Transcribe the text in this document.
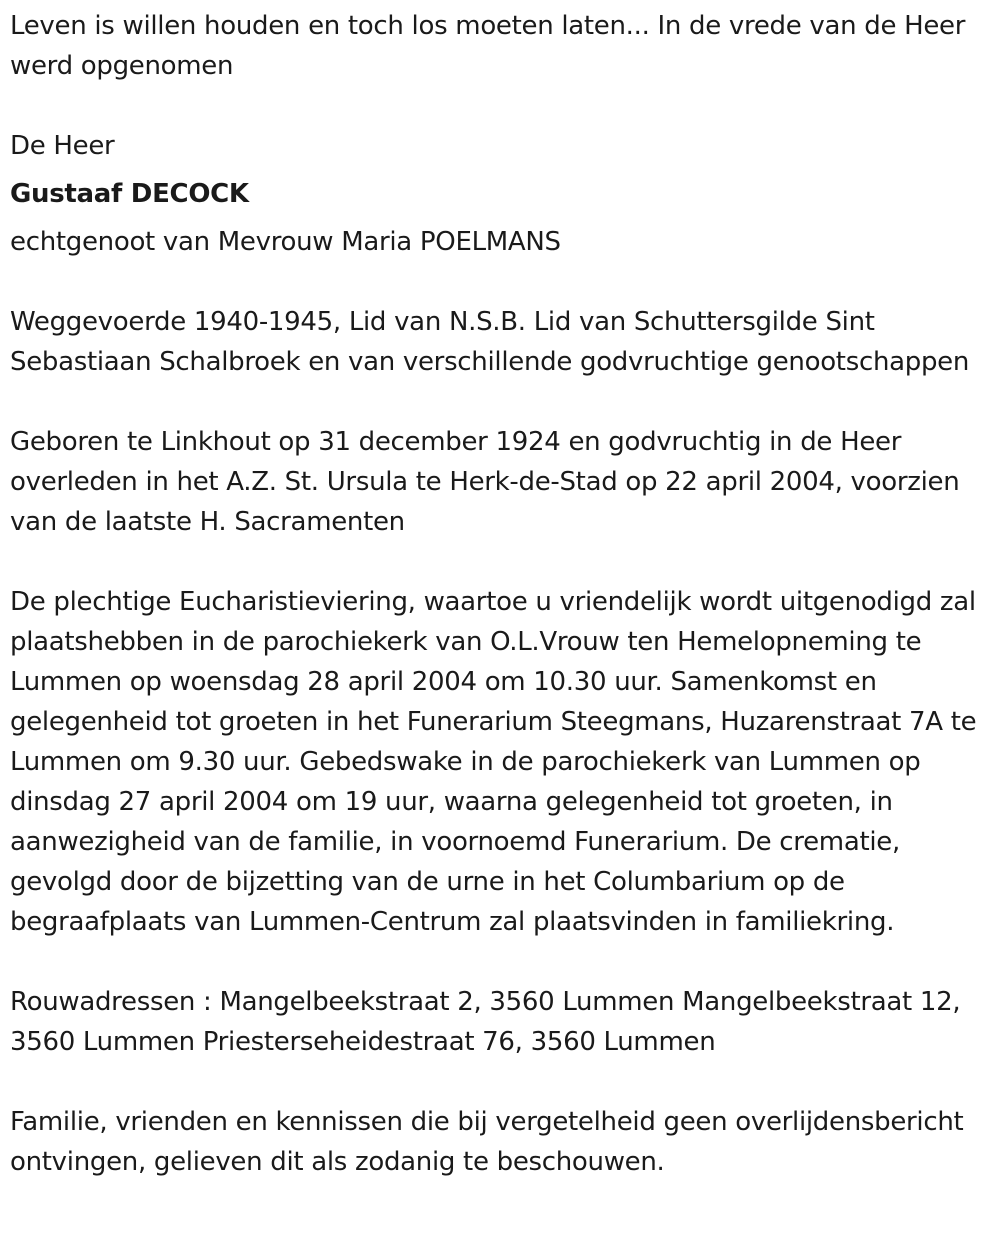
Leven is willen houden en toch los moeten laten... In de vrede van de Heer werd opgenomen

De Heer

Gustaaf DECOCK

echtgenoot van Mevrouw Maria POELMANS

Weggevoerde 1940-1945, Lid van N.S.B. Lid van Schuttersgilde Sint Sebastiaan Schalbroek en van verschillende godvruchtige genootschappen

Geboren te Linkhout op 31 december 1924 en godvruchtig in de Heer overleden in het A.Z. St. Ursula te Herk-de-Stad op 22 april 2004, voorzien van de laatste H. Sacramenten

De plechtige Eucharistieviering, waartoe u vriendelijk wordt uitgenodigd zal plaatshebben in de parochiekerk van O.L.Vrouw ten Hemelopneming te Lummen op woensdag 28 april 2004 om 10.30 uur. Samenkomst en gelegenheid tot groeten in het Funerarium Steegmans, Huzarenstraat 7A te Lummen om 9.30 uur. Gebedswake in de parochiekerk van Lummen op dinsdag 27 april 2004 om 19 uur, waarna gelegenheid tot groeten, in aanwezigheid van de familie, in voornoemd Funerarium. De crematie, gevolgd door de bijzetting van de urne in het Columbarium op de begraafplaats van Lummen-Centrum zal plaatsvinden in familiekring.

Rouwadressen : Mangelbeekstraat 2, 3560 Lummen Mangelbeekstraat 12, 3560 Lummen Priesterseheidestraat 76, 3560 Lummen

Familie, vrienden en kennissen die bij vergetelheid geen overlijdensbericht ontvingen, gelieven dit als zodanig te beschouwen.
